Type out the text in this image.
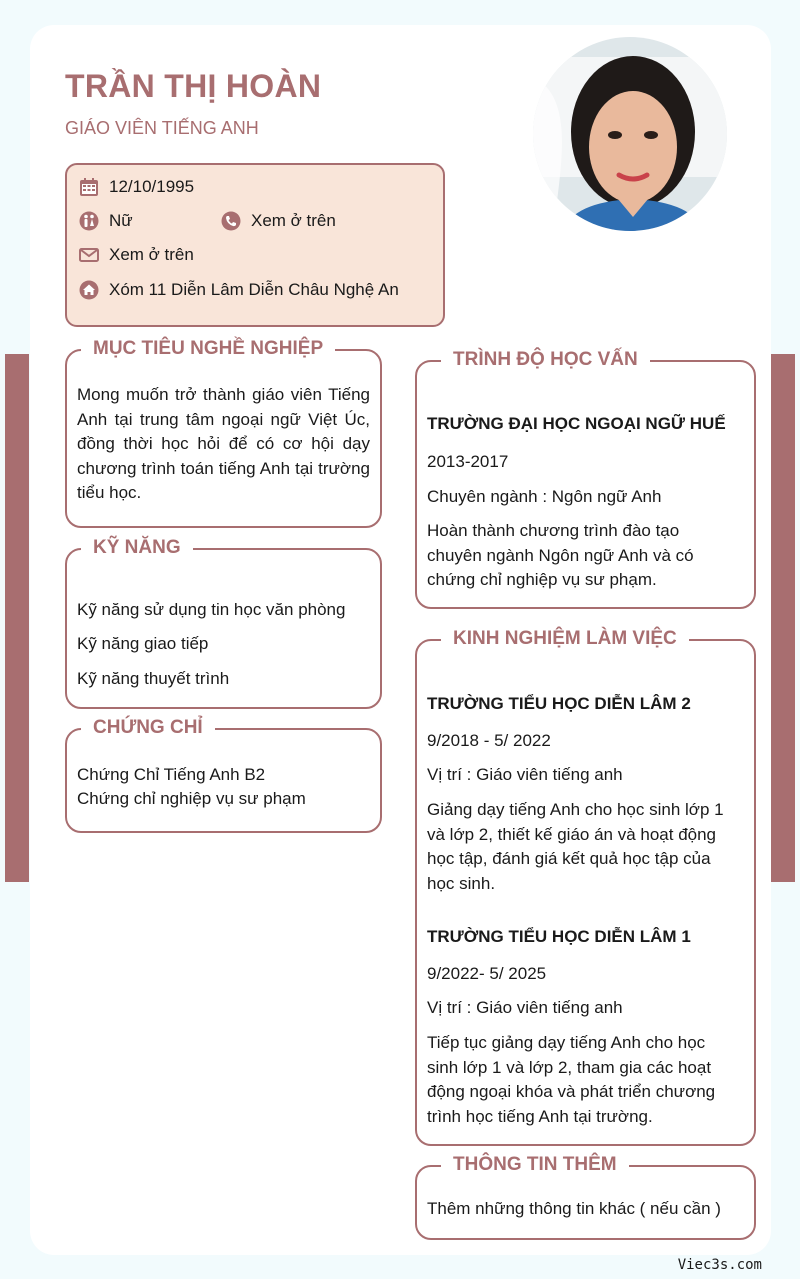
TRẦN THỊ HOÀN
GIÁO VIÊN TIẾNG ANH
12/10/1995
Nữ	Xem ở trên
Xem ở trên
Xóm 11 Diễn Lâm Diễn Châu Nghệ An
MỤC TIÊU NGHỀ NGHIỆP
Mong muốn trở thành giáo viên Tiếng Anh tại trung tâm ngoại ngữ Việt Úc, đồng thời học hỏi để có cơ hội dạy chương trình toán tiếng Anh tại trường tiểu học.
KỸ NĂNG
Kỹ năng sử dụng tin học văn phòng
Kỹ năng giao tiếp
Kỹ năng thuyết trình
CHỨNG CHỈ
Chứng Chỉ Tiếng Anh B2
Chứng chỉ nghiệp vụ sư phạm
TRÌNH ĐỘ HỌC VẤN
TRƯỜNG ĐẠI HỌC NGOẠI NGỮ HUẾ
2013-2017
Chuyên ngành : Ngôn ngữ Anh
Hoàn thành chương trình đào tạo chuyên ngành Ngôn ngữ Anh và có chứng chỉ nghiệp vụ sư phạm.
KINH NGHIỆM LÀM VIỆC
TRƯỜNG TIỂU HỌC DIỄN LÂM 2
9/2018 - 5/ 2022
Vị trí : Giáo viên tiếng anh
Giảng dạy tiếng Anh cho học sinh lớp 1 và lớp 2, thiết kế giáo án và hoạt động học tập, đánh giá kết quả học tập của học sinh.
TRƯỜNG TIỂU HỌC DIỄN LÂM 1
9/2022- 5/ 2025
Vị trí : Giáo viên tiếng anh
Tiếp tục giảng dạy tiếng Anh cho học sinh lớp 1 và lớp 2, tham gia các hoạt động ngoại khóa và phát triển chương trình học tiếng Anh tại trường.
THÔNG TIN THÊM
Thêm những thông tin khác ( nếu cần )
Viec3s.com
